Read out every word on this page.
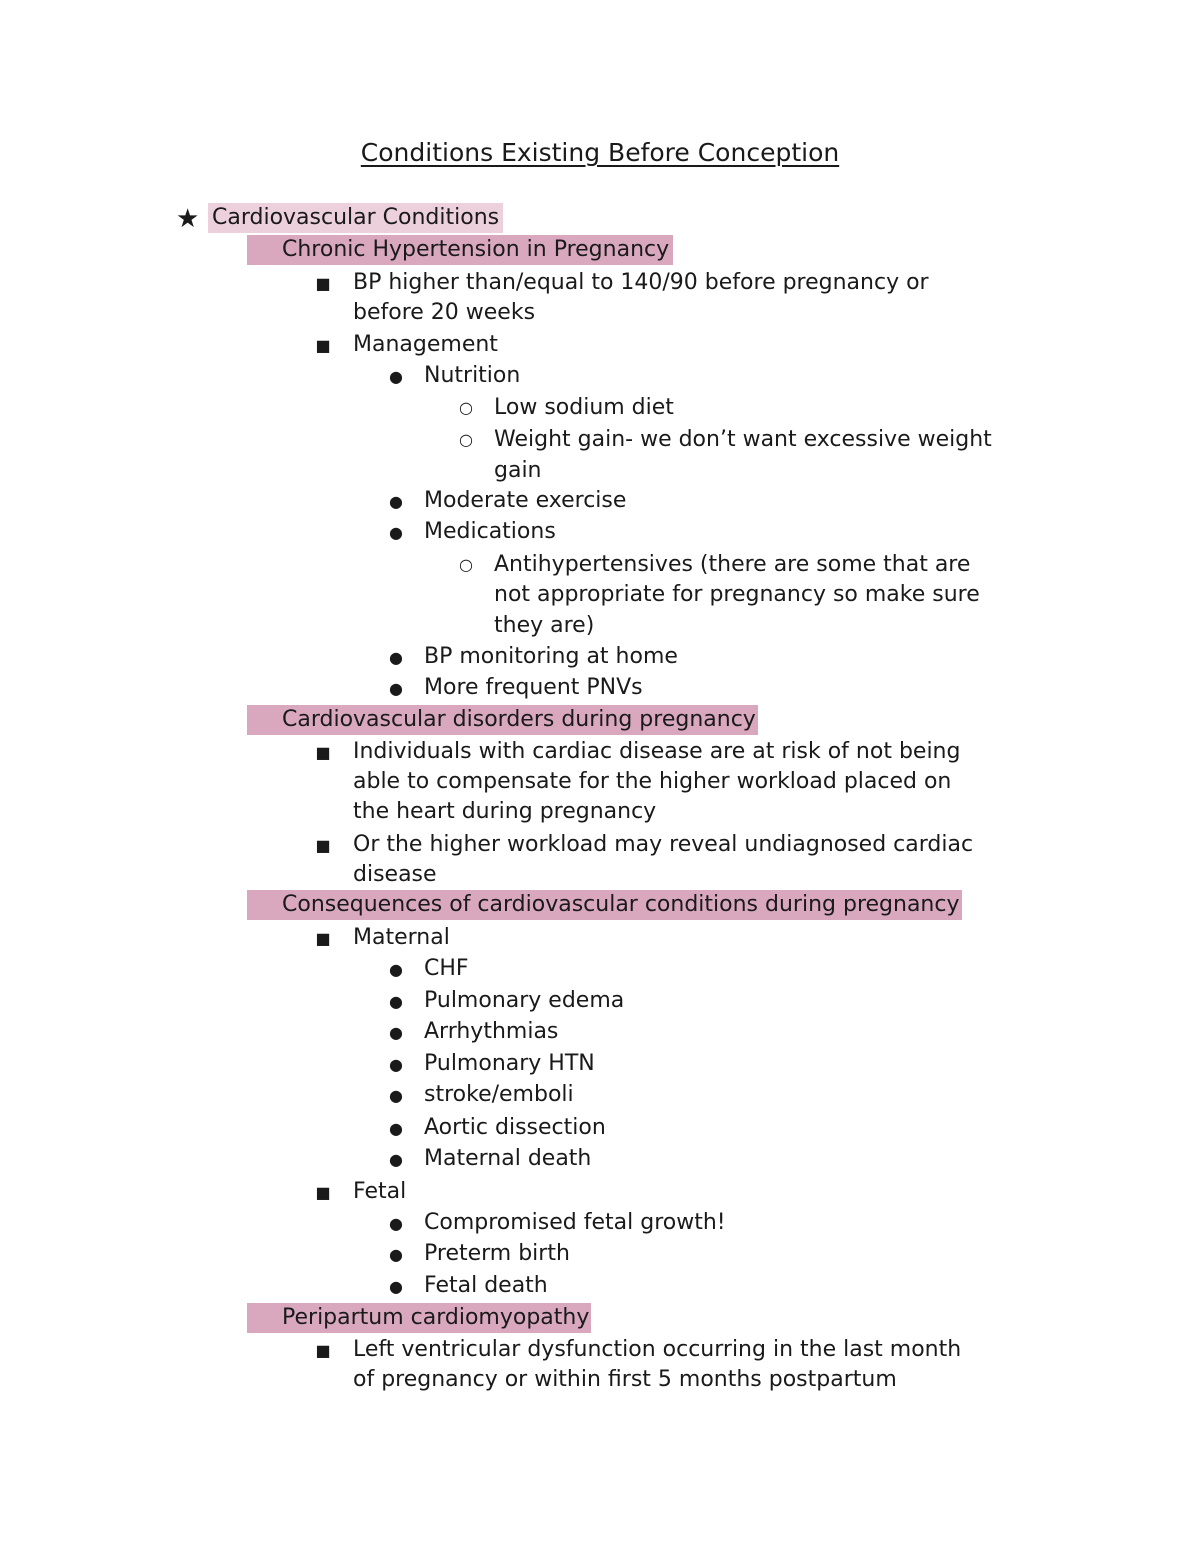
Conditions Existing Before Conception
★ Cardiovascular Conditions
Chronic Hypertension in Pregnancy
■ BP higher than/equal to 140/90 before pregnancy or
before 20 weeks
■ Management
● Nutrition
○ Low sodium diet
○ Weight gain- we don’t want excessive weight
gain
● Moderate exercise
● Medications
○ Antihypertensives (there are some that are
not appropriate for pregnancy so make sure
they are)
● BP monitoring at home
● More frequent PNVs
Cardiovascular disorders during pregnancy
■ Individuals with cardiac disease are at risk of not being
able to compensate for the higher workload placed on
the heart during pregnancy
■ Or the higher workload may reveal undiagnosed cardiac
disease
Consequences of cardiovascular conditions during pregnancy
■ Maternal
● CHF
● Pulmonary edema
● Arrhythmias
● Pulmonary HTN
● stroke/emboli
● Aortic dissection
● Maternal death
■ Fetal
● Compromised fetal growth!
● Preterm birth
● Fetal death
Peripartum cardiomyopathy
■ Left ventricular dysfunction occurring in the last month
of pregnancy or within first 5 months postpartum
